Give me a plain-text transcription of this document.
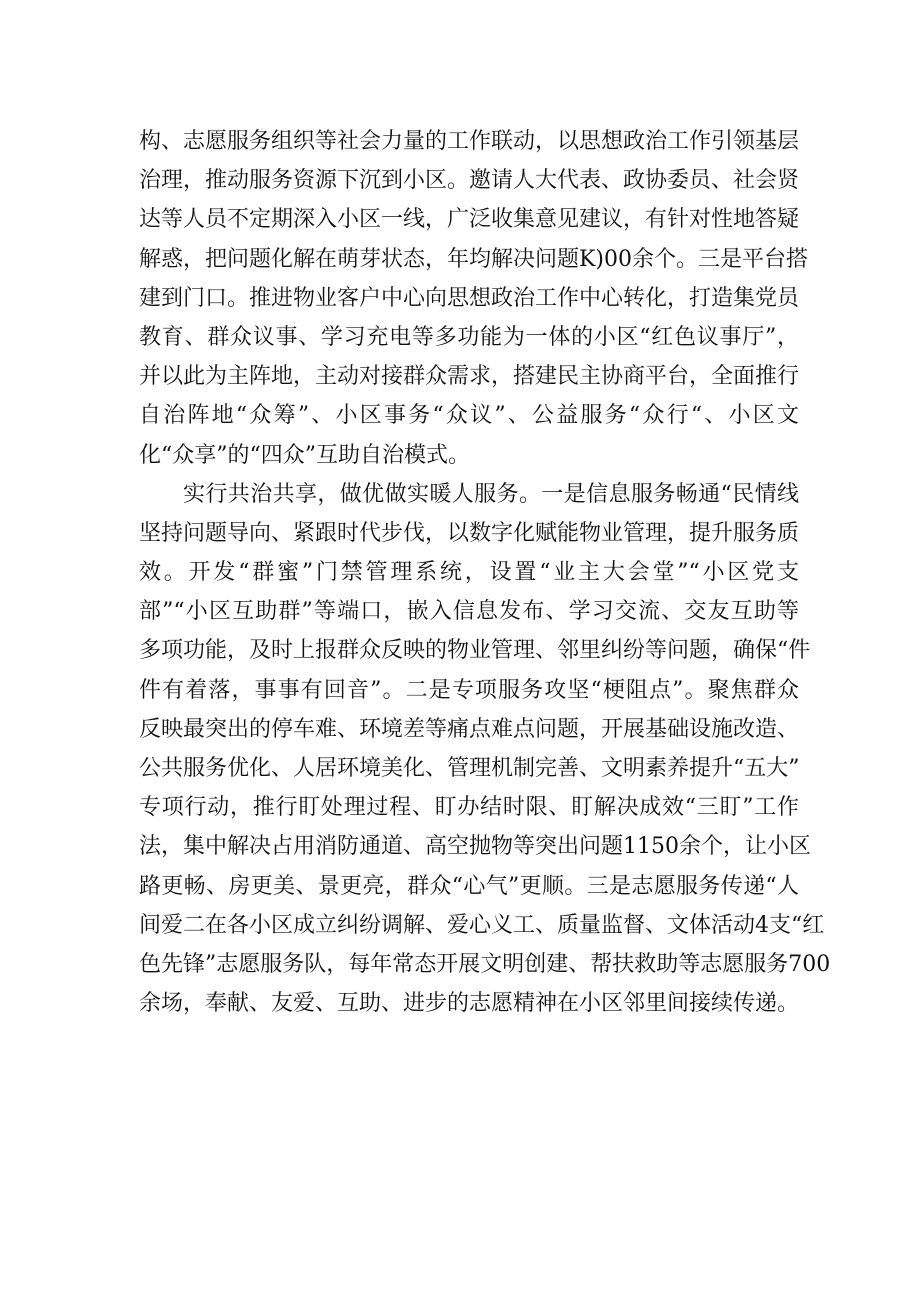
构、志愿服务组织等社会力量的工作联动，以思想政治工作引领基层
治理，推动服务资源下沉到小区。邀请人大代表、政协委员、社会贤
达等人员不定期深入小区一线，广泛收集意见建议，有针对性地答疑
解惑，把问题化解在萌芽状态，年均解决问题K)00余个。三是平台搭
建到门口。推进物业客户中心向思想政治工作中心转化，打造集党员
教育、群众议事、学习充电等多功能为一体的小区“红色议事厅”，
并以此为主阵地，主动对接群众需求，搭建民主协商平台，全面推行
自治阵地“众筹”、小区事务“众议”、公益服务“众行“、小区文
化“众享”的“四众”互助自治模式。
实行共治共享，做优做实暖人服务。一是信息服务畅通“民情线
坚持问题导向、紧跟时代步伐，以数字化赋能物业管理，提升服务质
效。开发“群蜜”门禁管理系统，设置“业主大会堂”“小区党支
部”“小区互助群”等端口，嵌入信息发布、学习交流、交友互助等
多项功能，及时上报群众反映的物业管理、邻里纠纷等问题，确保“件
件有着落，事事有回音”。二是专项服务攻坚“梗阻点”。聚焦群众
反映最突出的停车难、环境差等痛点难点问题，开展基础设施改造、
公共服务优化、人居环境美化、管理机制完善、文明素养提升“五大”
专项行动，推行盯处理过程、盯办结时限、盯解决成效“三盯”工作
法，集中解决占用消防通道、高空抛物等突出问题1150余个，让小区
路更畅、房更美、景更亮，群众“心气”更顺。三是志愿服务传递“人
间爱二在各小区成立纠纷调解、爱心义工、质量监督、文体活动4支“红
色先锋”志愿服务队，每年常态开展文明创建、帮扶救助等志愿服务700
余场，奉献、友爱、互助、进步的志愿精神在小区邻里间接续传递。
